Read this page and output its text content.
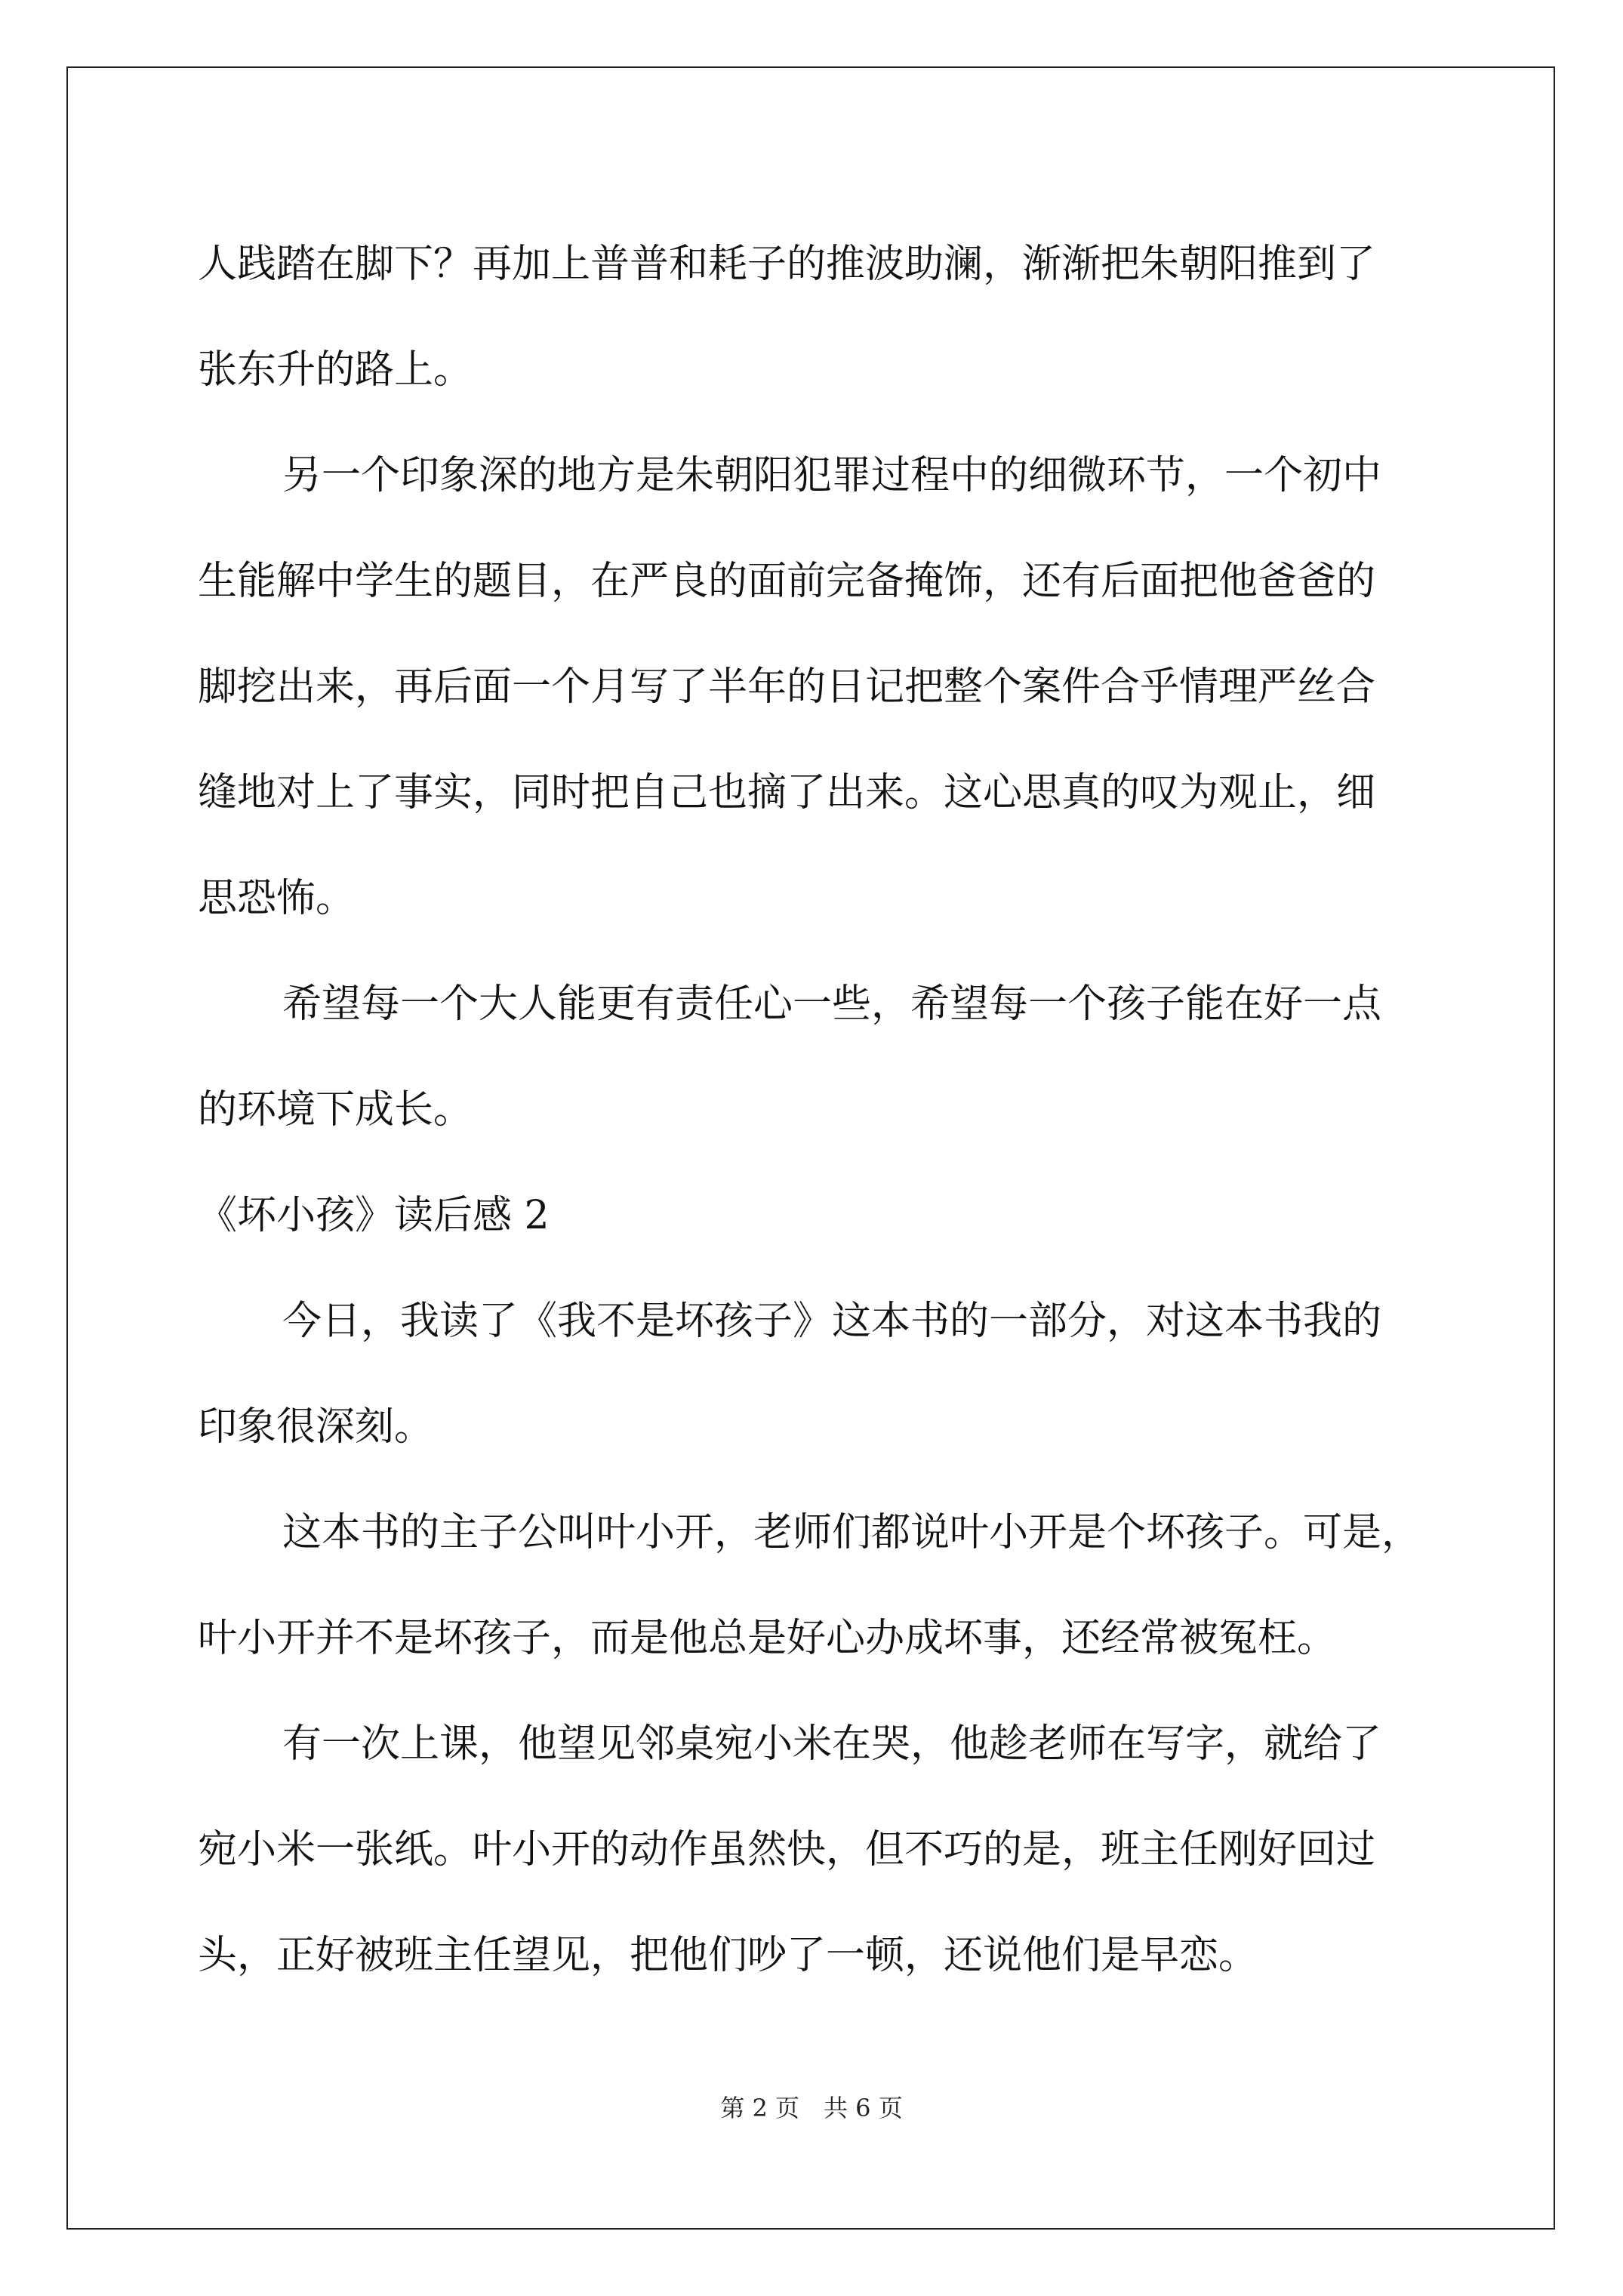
人践踏在脚下？再加上普普和耗子的推波助澜，渐渐把朱朝阳推到了

张东升的路上。

另一个印象深的地方是朱朝阳犯罪过程中的细微环节，一个初中

生能解中学生的题目，在严良的面前完备掩饰，还有后面把他爸爸的

脚挖出来，再后面一个月写了半年的日记把整个案件合乎情理严丝合

缝地对上了事实，同时把自己也摘了出来。这心思真的叹为观止，细

思恐怖。

希望每一个大人能更有责任心一些，希望每一个孩子能在好一点

的环境下成长。

《坏小孩》读后感 2

今日，我读了《我不是坏孩子》这本书的一部分，对这本书我的

印象很深刻。

这本书的主子公叫叶小开，老师们都说叶小开是个坏孩子。可是，

叶小开并不是坏孩子，而是他总是好心办成坏事，还经常被冤枉。

有一次上课，他望见邻桌宛小米在哭，他趁老师在写字，就给了

宛小米一张纸。叶小开的动作虽然快，但不巧的是，班主任刚好回过

头，正好被班主任望见，把他们吵了一顿，还说他们是早恋。

第 2 页　共 6 页
